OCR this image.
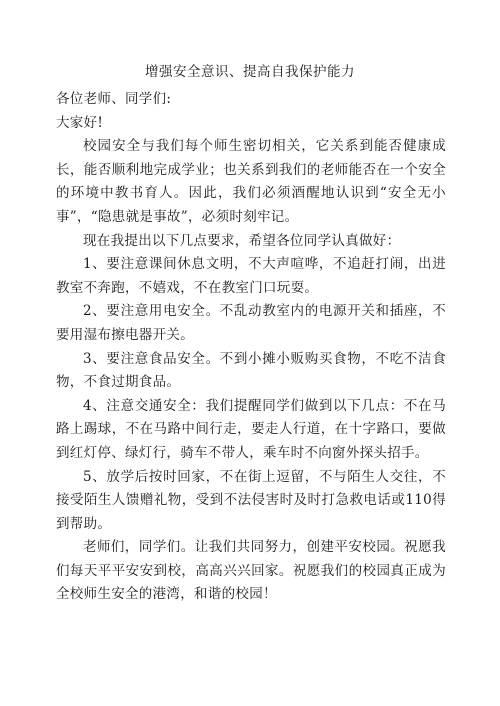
增强安全意识、提高自我保护能力

各位老师、同学们:

大家好!

校园安全与我们每个师生密切相关，它关系到能否健康成长，能否顺利地完成学业；也关系到我们的老师能否在一个安全的环境中教书育人。因此，我们必须酒醒地认识到“安全无小事”，“隐患就是事故”，必须时刻牢记。

现在我提出以下几点要求，希望各位同学认真做好：

1、要注意课间休息文明，不大声喧哗，不追赶打闹，出进教室不奔跑，不嬉戏，不在教室门口玩耍。

2、要注意用电安全。不乱动教室内的电源开关和插座，不要用湿布擦电器开关。

3、要注意食品安全。不到小摊小贩购买食物，不吃不洁食物，不食过期食品。

4、注意交通安全：我们提醒同学们做到以下几点：不在马路上踢球，不在马路中间行走，要走人行道，在十字路口，要做到红灯停、绿灯行，骑车不带人，乘车时不向窗外探头招手。

5、放学后按时回家，不在街上逗留，不与陌生人交往，不接受陌生人馈赠礼物，受到不法侵害时及时打急救电话或110得到帮助。

老师们，同学们。让我们共同努力，创建平安校园。祝愿我们每天平平安安到校，高高兴兴回家。祝愿我们的校园真正成为全校师生安全的港湾，和谐的校园！
